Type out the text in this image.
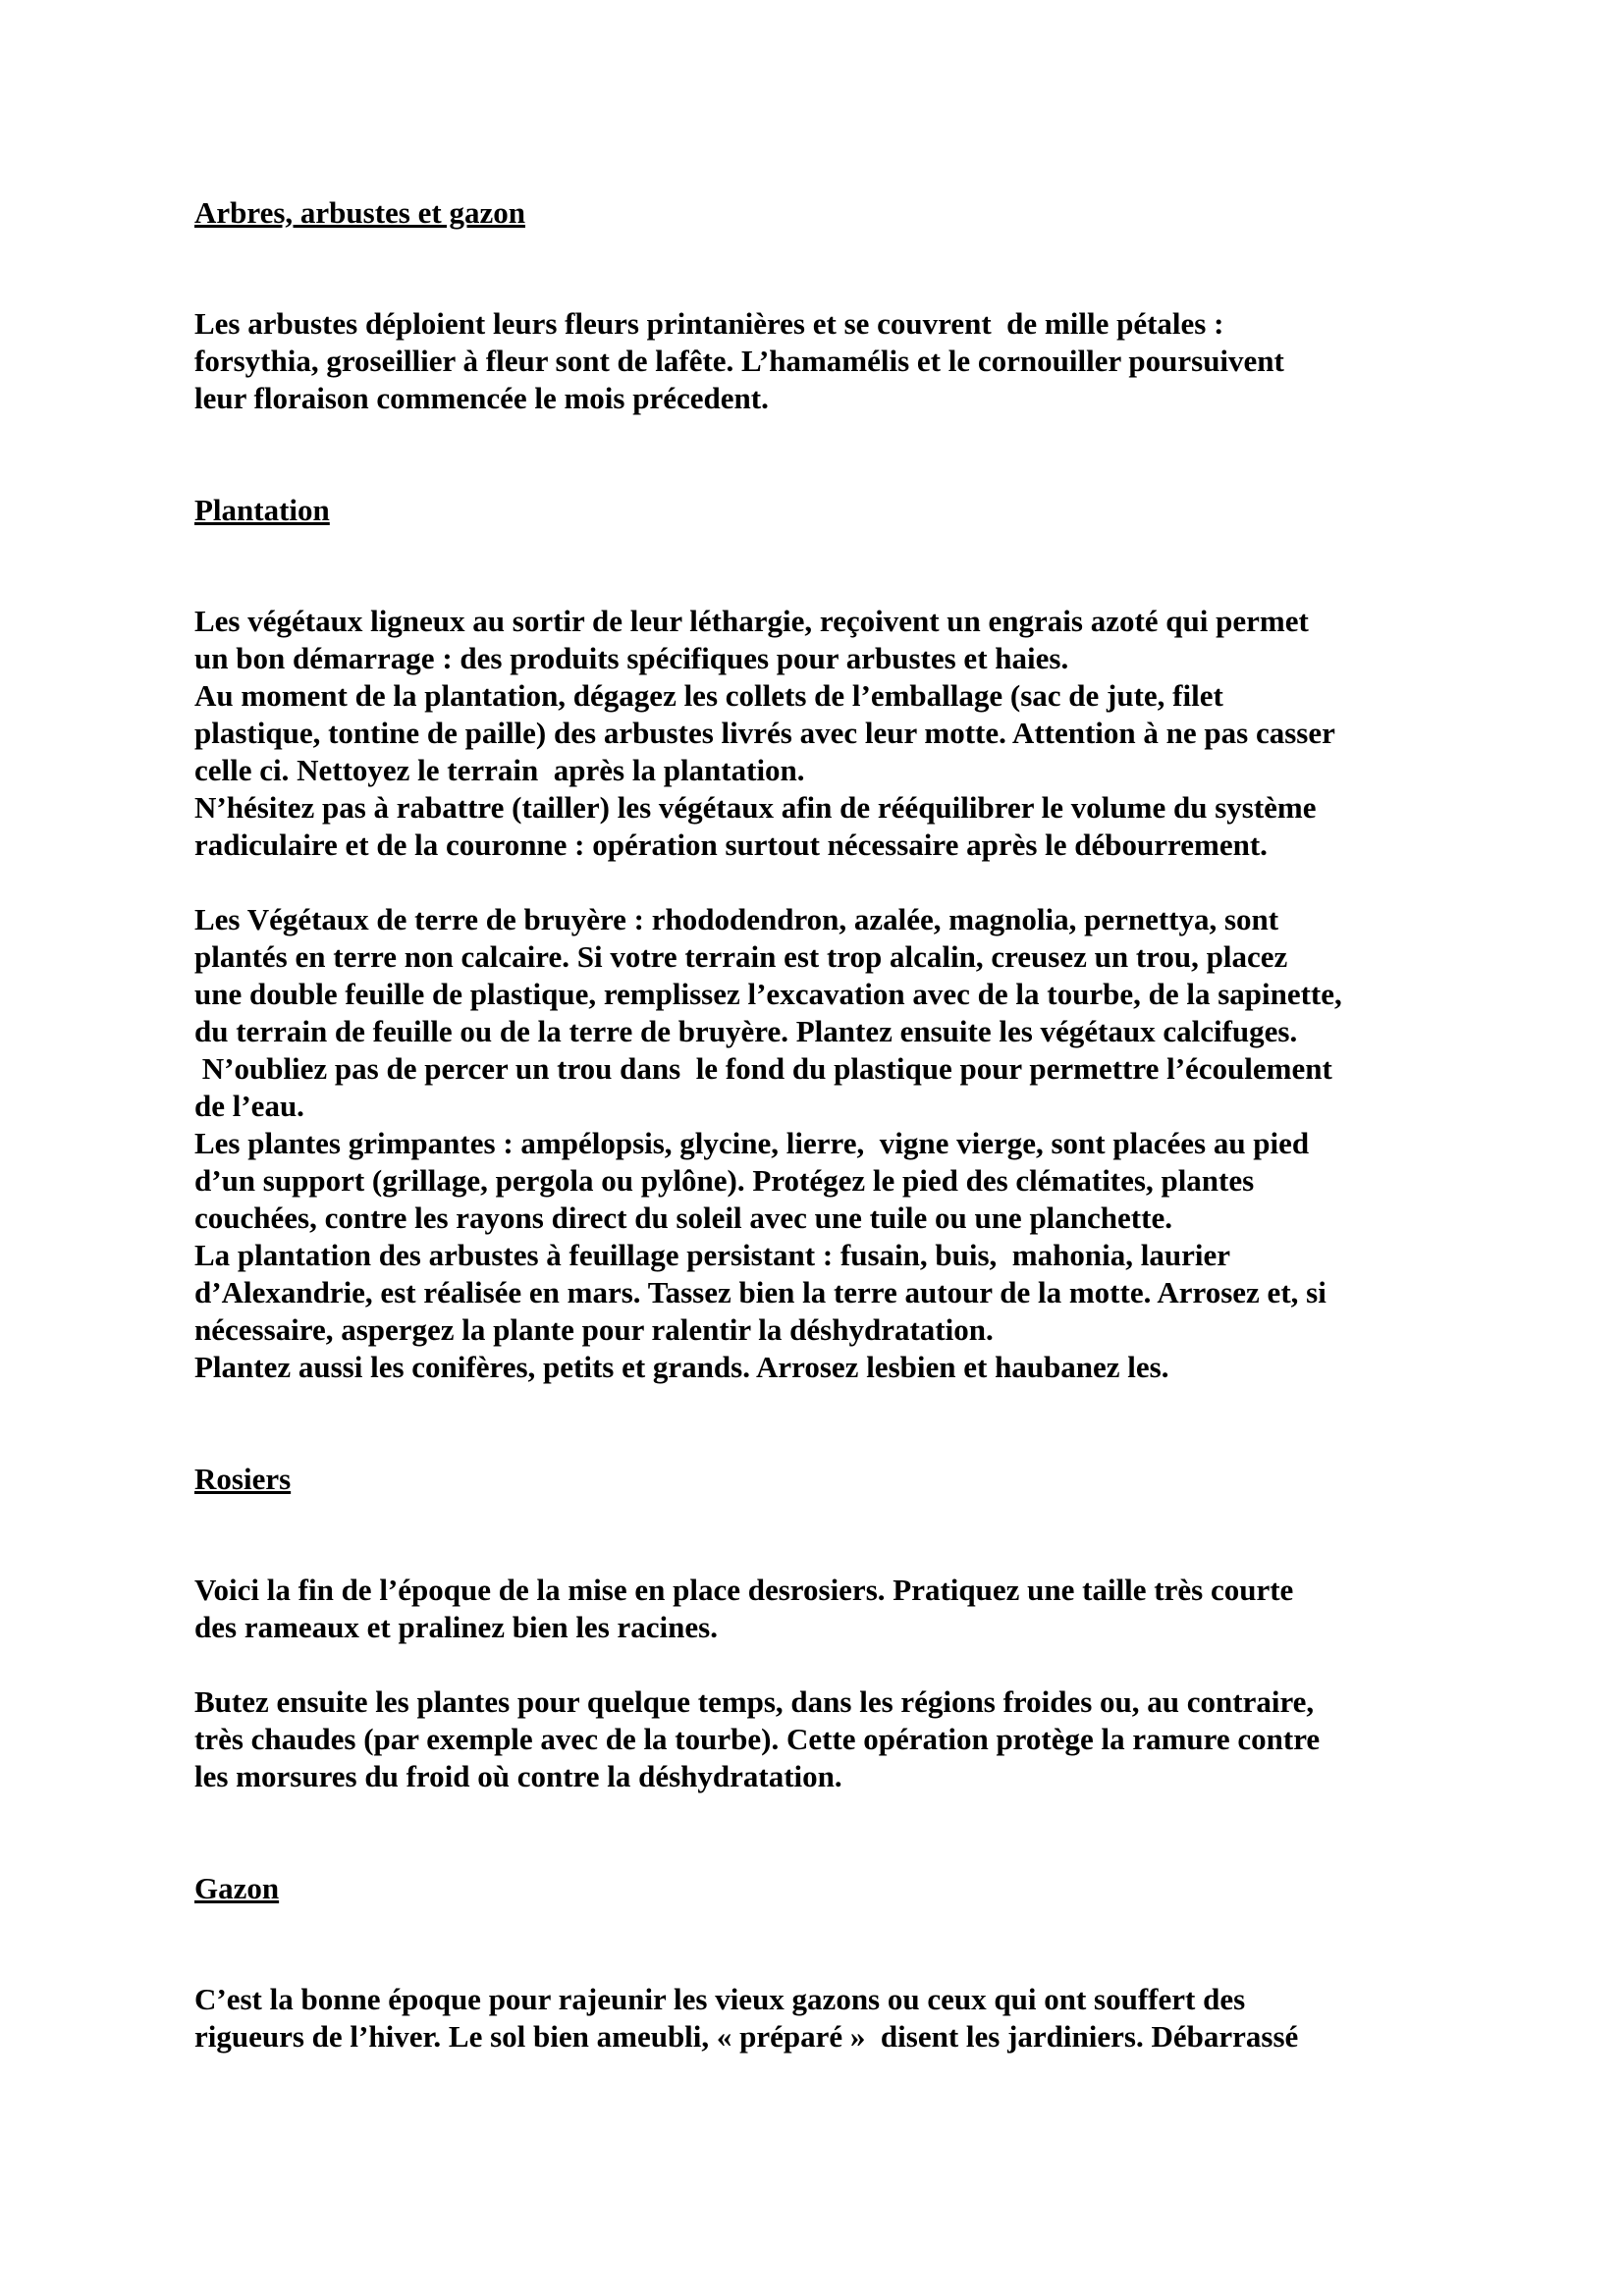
Arbres, arbustes et gazon

Les arbustes déploient leurs fleurs printanières et se couvrent  de mille pétales :
forsythia, groseillier à fleur sont de lafête. L’hamamélis et le cornouiller poursuivent
leur floraison commencée le mois précedent.

Plantation

Les végétaux ligneux au sortir de leur léthargie, reçoivent un engrais azoté qui permet
un bon démarrage : des produits spécifiques pour arbustes et haies.
Au moment de la plantation, dégagez les collets de l’emballage (sac de jute, filet
plastique, tontine de paille) des arbustes livrés avec leur motte. Attention à ne pas casser
celle ci. Nettoyez le terrain  après la plantation.
N’hésitez pas à rabattre (tailler) les végétaux afin de rééquilibrer le volume du système
radiculaire et de la couronne : opération surtout nécessaire après le débourrement.

Les Végétaux de terre de bruyère : rhododendron, azalée, magnolia, pernettya, sont
plantés en terre non calcaire. Si votre terrain est trop alcalin, creusez un trou, placez
une double feuille de plastique, remplissez l’excavation avec de la tourbe, de la sapinette,
du terrain de feuille ou de la terre de bruyère. Plantez ensuite les végétaux calcifuges.
N’oubliez pas de percer un trou dans  le fond du plastique pour permettre l’écoulement
de l’eau.
Les plantes grimpantes : ampélopsis, glycine, lierre,  vigne vierge, sont placées au pied
d’un support (grillage, pergola ou pylône). Protégez le pied des clématites, plantes
couchées, contre les rayons direct du soleil avec une tuile ou une planchette.
La plantation des arbustes à feuillage persistant : fusain, buis,  mahonia, laurier
d’Alexandrie, est réalisée en mars. Tassez bien la terre autour de la motte. Arrosez et, si
nécessaire, aspergez la plante pour ralentir la déshydratation.
Plantez aussi les conifères, petits et grands. Arrosez lesbien et haubanez les.

Rosiers

Voici la fin de l’époque de la mise en place desrosiers. Pratiquez une taille très courte
des rameaux et pralinez bien les racines.

Butez ensuite les plantes pour quelque temps, dans les régions froides ou, au contraire,
très chaudes (par exemple avec de la tourbe). Cette opération protège la ramure contre
les morsures du froid où contre la déshydratation.

Gazon

C’est la bonne époque pour rajeunir les vieux gazons ou ceux qui ont souffert des
rigueurs de l’hiver. Le sol bien ameubli, « préparé »  disent les jardiniers. Débarrassé
